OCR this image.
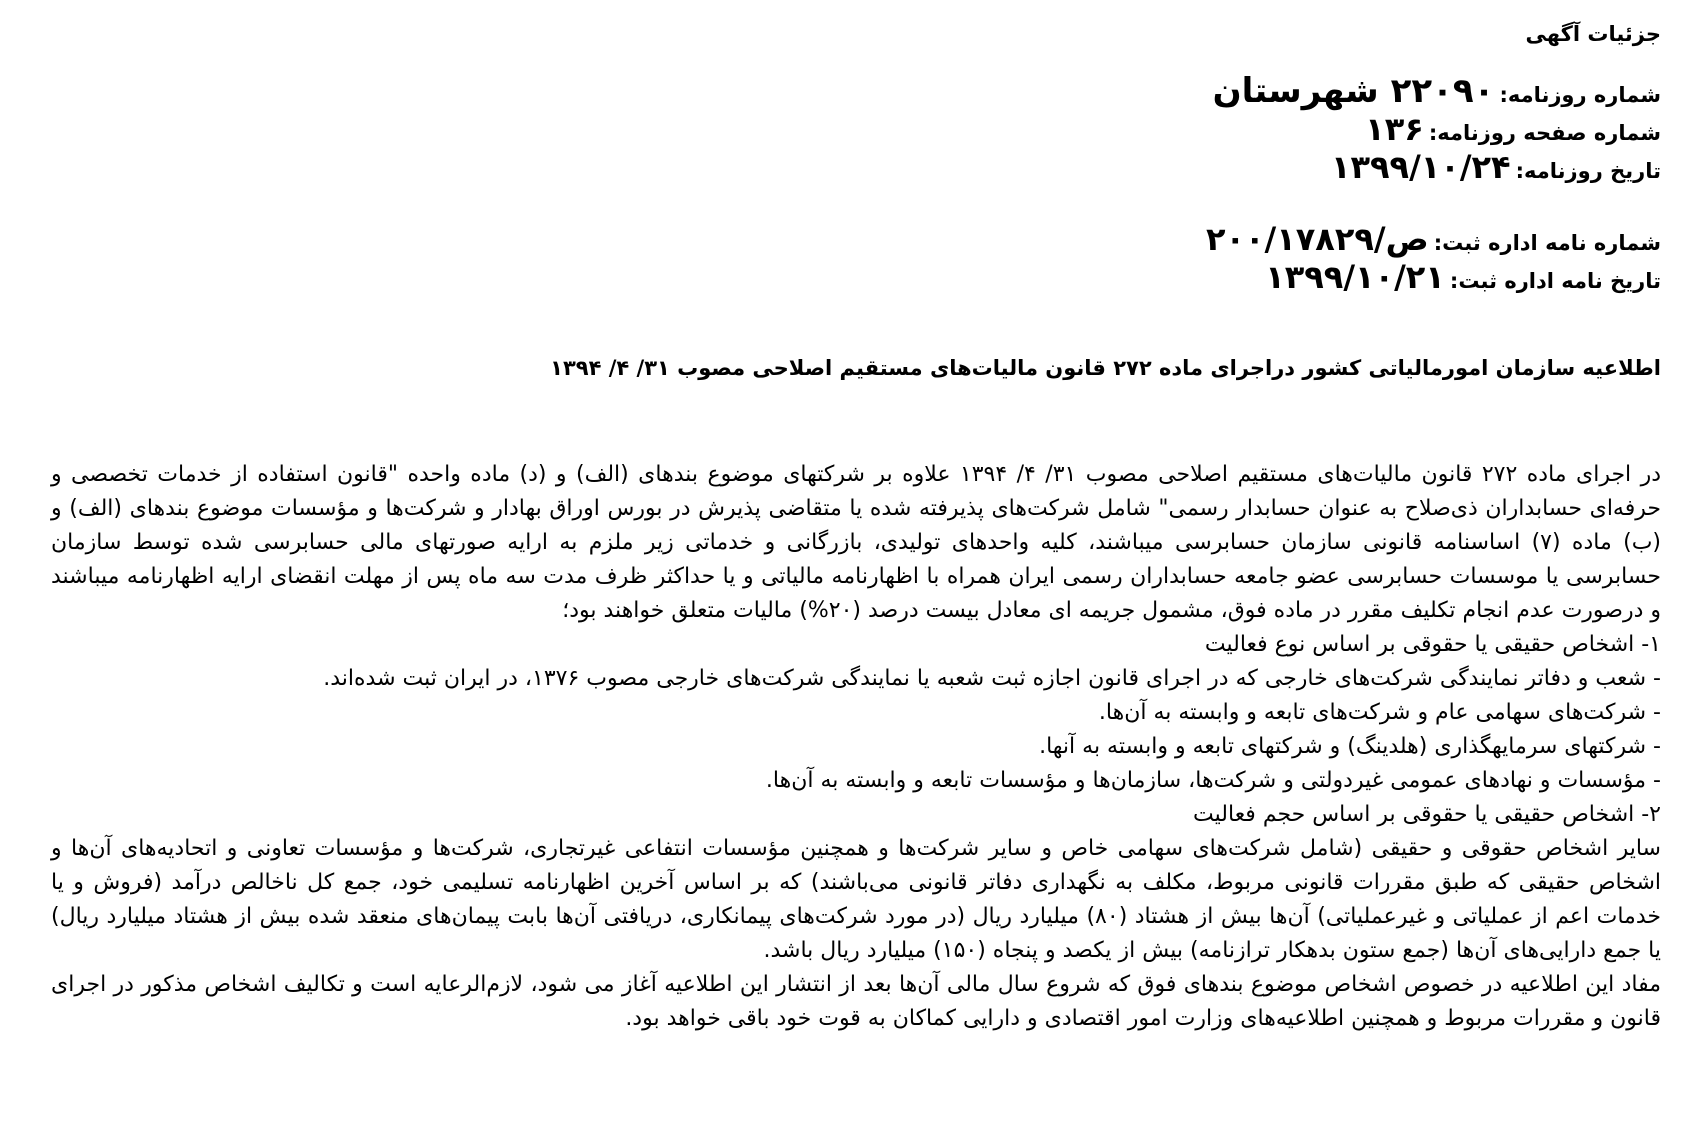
جزئیات آگهی
شماره روزنامه: ۲۲۰۹۰ شهرستان
شماره صفحه روزنامه: ۱۳۶
تاریخ روزنامه: ۱۳۹۹/۱۰/۲۴
شماره نامه اداره ثبت: ص/۲۰۰/۱۷۸۲۹
تاریخ نامه اداره ثبت: ۱۳۹۹/۱۰/۲۱
اطلاعیه سازمان امورمالیاتی کشور دراجرای ماده ۲۷۲ قانون مالیات‌های مستقیم اصلاحی مصوب ۳۱/ ۴/ ۱۳۹۴

در اجرای ماده ۲۷۲ قانون مالیات‌های مستقیم اصلاحی مصوب ۳۱/ ۴/ ۱۳۹۴ علاوه بر شرکتهای موضوع بندهای (الف) و (د) ماده واحده "قانون استفاده از خدمات تخصصی و حرفه‌ای حسابداران ذی‌صلاح به عنوان حسابدار رسمی" شامل شرکت‌های پذیرفته شده یا متقاضی پذیرش در بورس اوراق بهادار و شرکت‌ها و مؤسسات موضوع بندهای (الف) و (ب) ماده (۷) اساسنامه قانونی سازمان حسابرسی میباشند، کلیه واحدهای تولیدی، بازرگانی و خدماتی زیر ملزم به ارایه صورتهای مالی حسابرسی شده توسط سازمان حسابرسی یا موسسات حسابرسی عضو جامعه حسابداران رسمی ایران همراه با اظهارنامه مالیاتی و یا حداکثر ظرف مدت سه ماه پس از مهلت انقضای ارایه اظهارنامه میباشند و درصورت عدم انجام تکلیف مقرر در ماده فوق، مشمول جریمه ای معادل بیست درصد (۲۰%) مالیات متعلق خواهند بود؛

۱- اشخاص حقیقی یا حقوقی بر اساس نوع فعالیت

- شعب و دفاتر نمایندگی شرکت‌های خارجی که در اجرای قانون اجازه ثبت شعبه یا نمایندگی شرکت‌های خارجی مصوب ۱۳۷۶، در ایران ثبت شده‌اند.

- شرکت‌های سهامی عام و شرکت‌های تابعه و وابسته به آن‌ها.

- شرکتهای سرمایهگذاری (هلدینگ) و شرکتهای تابعه و وابسته به آنها.

- مؤسسات و نهادهای عمومی غیردولتی و شرکت‌ها، سازمان‌ها و مؤسسات تابعه و وابسته به آن‌ها.

۲- اشخاص حقیقی یا حقوقی بر اساس حجم فعالیت

سایر اشخاص حقوقی و حقیقی (شامل شرکت‌های سهامی خاص و سایر شرکت‌ها و همچنین مؤسسات انتفاعی غیرتجاری، شرکت‌ها و مؤسسات تعاونی و اتحادیه‌های آن‌ها و اشخاص حقیقی که طبق مقررات قانونی مربوط، مکلف به نگهداری دفاتر قانونی می‌باشند) که بر اساس آخرین اظهارنامه تسلیمی خود، جمع کل ناخالص درآمد (فروش و یا خدمات اعم از عملیاتی و غیرعملیاتی) آن‌ها بیش از هشتاد (۸۰) میلیارد ریال (در مورد شرکت‌های پیمانکاری، دریافتی آن‌ها بابت پیمان‌های منعقد شده بیش از هشتاد میلیارد ریال) یا جمع دارایی‌های آن‌ها (جمع ستون بدهکار ترازنامه) بیش از یکصد و پنجاه (۱۵۰) میلیارد ریال باشد.

مفاد این اطلاعیه در خصوص اشخاص موضوع بندهای فوق که شروع سال مالی آن‌ها بعد از انتشار این اطلاعیه آغاز می شود، لازم‌الرعایه است و تکالیف اشخاص مذکور در اجرای قانون و مقررات مربوط و همچنین اطلاعیه‌های وزارت امور اقتصادی و دارایی کماکان به قوت خود باقی خواهد بود.
